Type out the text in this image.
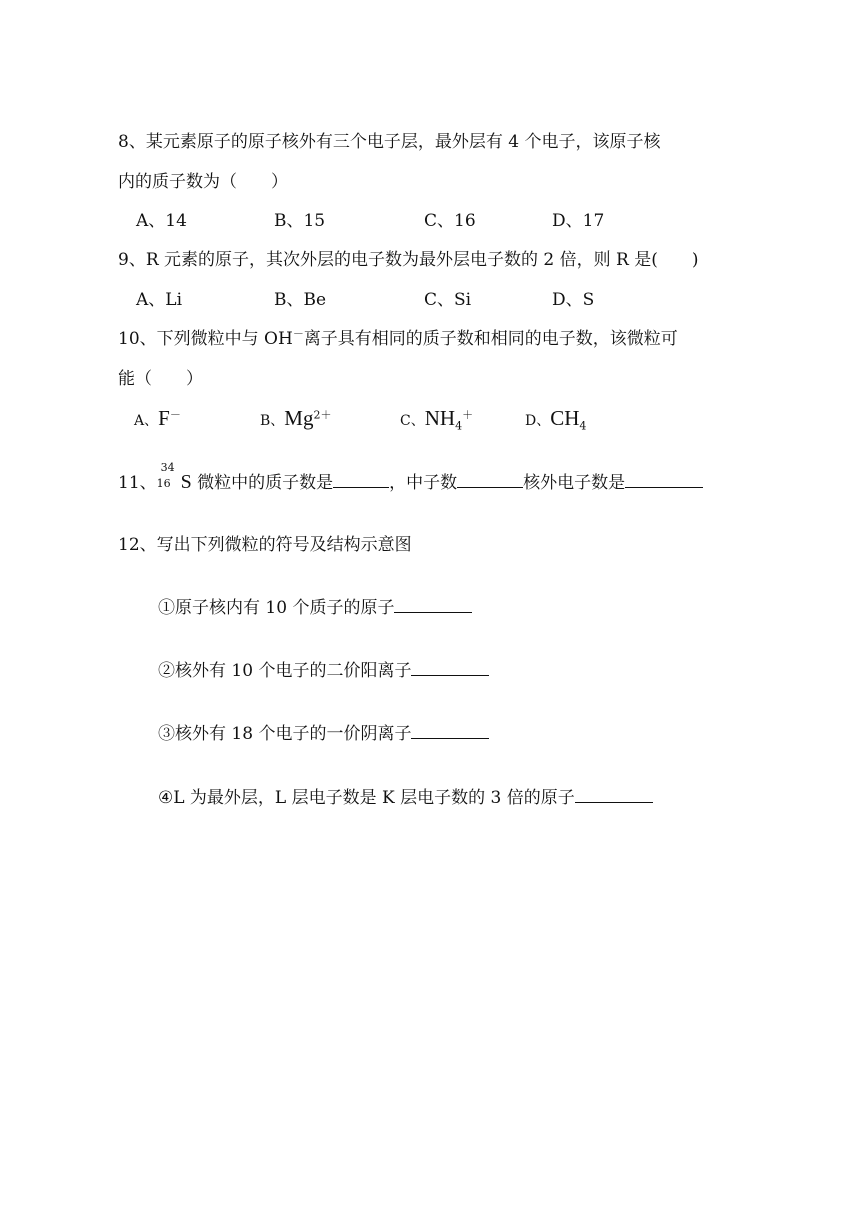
8、某元素原子的原子核外有三个电子层，最外层有 4 个电子，该原子核
内的质子数为（　　）
A、14	B、15	C、16	D、17
9、R 元素的原子，其次外层的电子数为最外层电子数的 2 倍，则 R 是(　　)
A、Li	B、Be	C、Si	D、S
10、下列微粒中与 OH－离子具有相同的质子数和相同的电子数，该微粒可
能（　　）
A、F－	B、$Mg^{2+}$	C、$NH_4^+$	D、$CH_4$
11、
34
16 S 微粒中的质子数是	，中子数	核外电子数是
12、写出下列微粒的符号及结构示意图
①原子核内有 10 个质子的原子
②核外有 10 个电子的二价阳离子
③核外有 18 个电子的一价阴离子
④L 为最外层，L 层电子数是 K 层电子数的 3 倍的原子
